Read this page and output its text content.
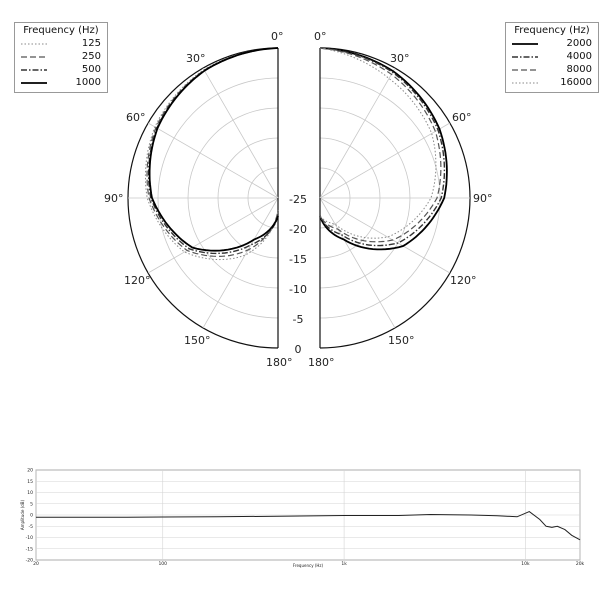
0°
30°
60°
90°
120°
150°
180°
0°
30°
60°
90°
120°
150°
180°
-25
-20
-15
-10
-5
0
Frequency (Hz)
125
250
500
1000
Frequency (Hz)
2000
4000
8000
16000
20
15
10
5
0
-5
-10
-15
-20
20	100	1k	10k	20k
Frequency (Hz)
Amplitude (dB)
